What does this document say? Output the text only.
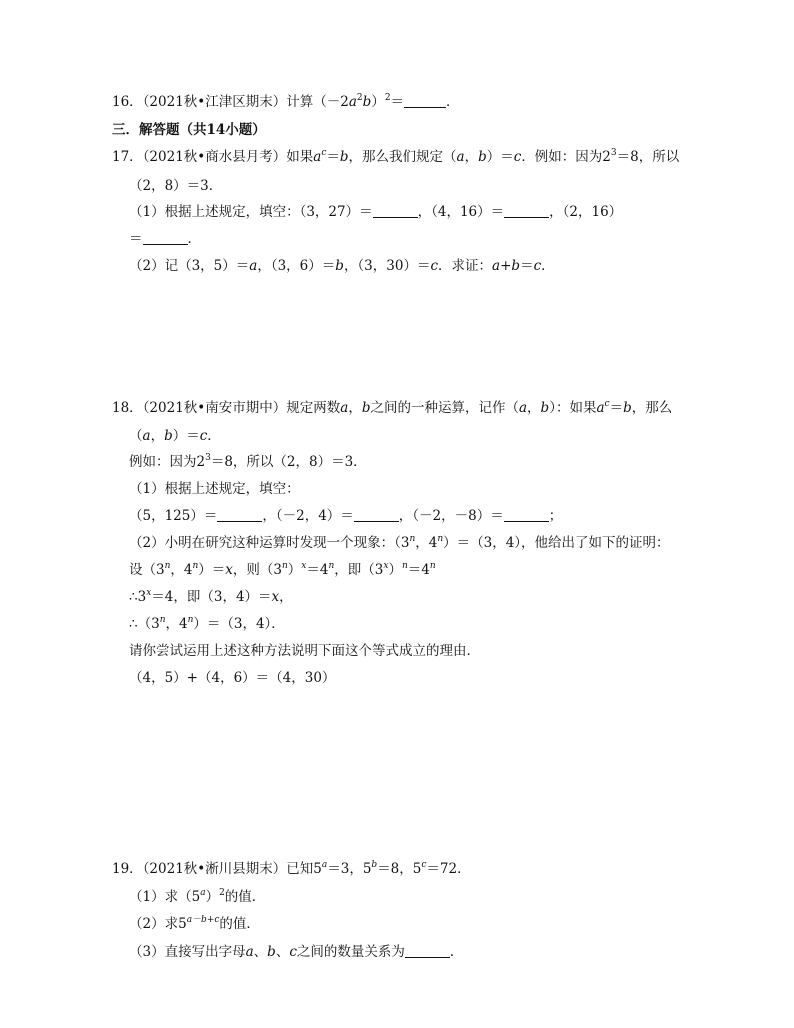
16．（2021秋•江津区期末）计算$(-2a^2b)^2=$	．
三．解答题（共14小题）
17．（2021秋•商水县月考）如果$a^c=b$，那么我们规定（a，b）＝c．例如：因为$2^3=8$，所以
（2，8）＝3．
（1）根据上述规定，填空：（3，27）＝	，（4，16）＝	，（2，16）
＝	．
（2）记（3，5）＝a，（3，6）＝b，（3，30）＝c．求证：a+b＝c．
18．（2021秋•南安市期中）规定两数a，b之间的一种运算，记作（a，b）：如果$a^c=b$，那么
（a，b）＝c．
例如：因为$2^3=8$，所以（2，8）＝3．
（1）根据上述规定，填空：
（5，125）＝	，（－2，4）＝	，（－2，－8）＝	；
（2）小明在研究这种运算时发现一个现象：（3$^n$，$4^n)=(3$，4），他给出了如下的证明：
设（3$^n$，$4^n)=x$，则$(3^n)^x=4^n$，即$(3^x)^n=4^n$
$\therefore 3^x=4$，即（3，4）＝x，
∴（3$^n$，$4^n)=(3$，4）．
请你尝试运用上述这种方法说明下面这个等式成立的理由．
（4，5）+（4，6）＝（4，30）
19．（2021秋•淅川县期末）已知$5^a=3$，$5^b=8$，$5^c=72$．
（1）求$(5^a)^2$的值．
（2）求$5^{a-b+c}$的值．
（3）直接写出字母a、b、c之间的数量关系为	．
